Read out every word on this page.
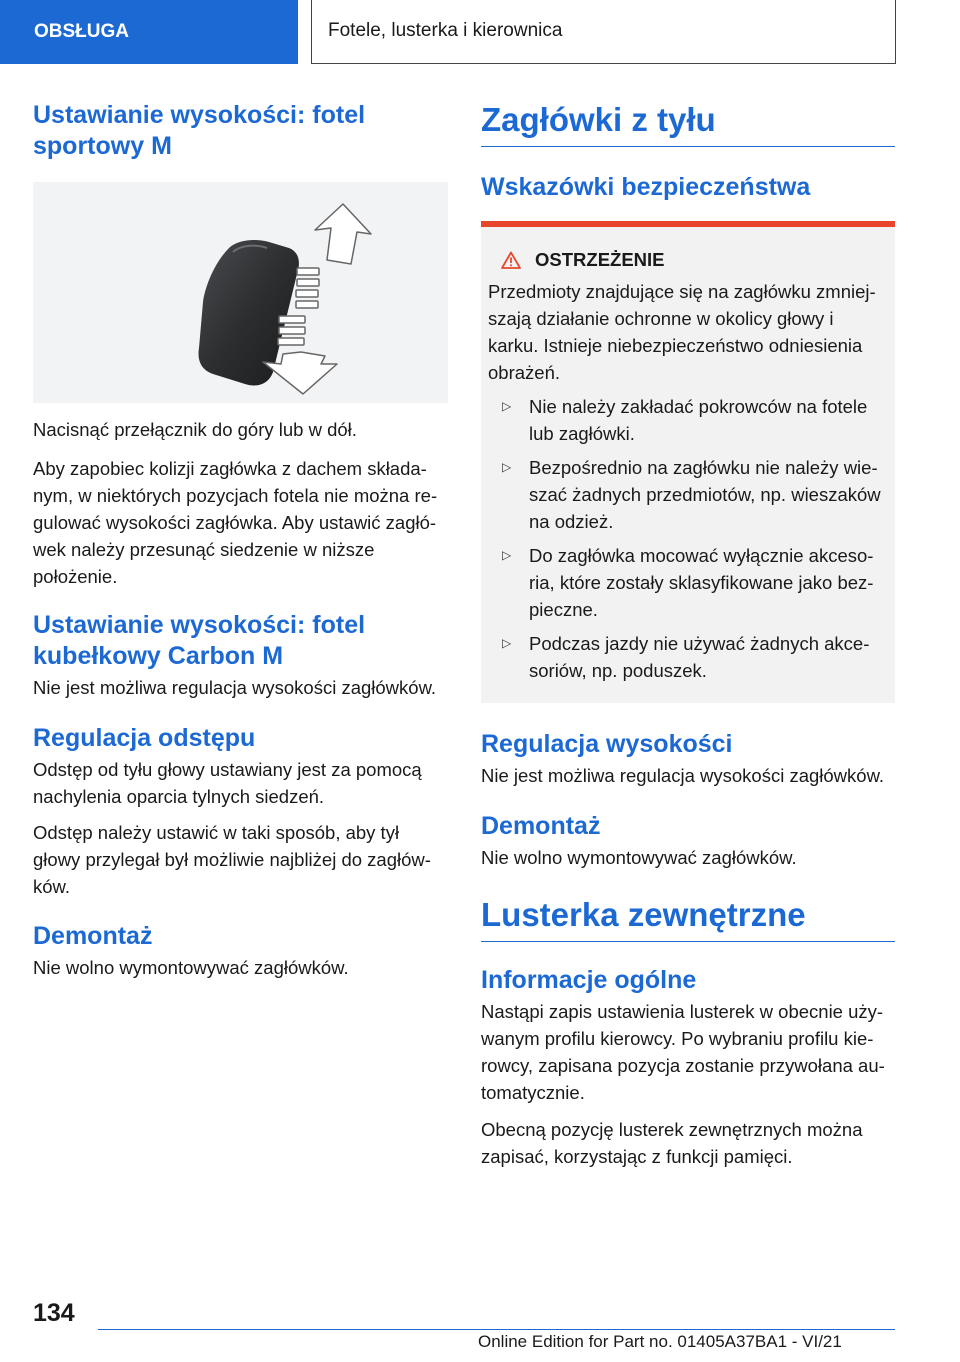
OBSŁUGA	Fotele, lusterka i kierownica
Ustawianie wysokości: fotel sportowy M

Nacisnąć przełącznik do góry lub w dół.

Aby zapobiec kolizji zagłówka z dachem składanym, w niektórych pozycjach fotela nie można regulować wysokości zagłówka. Aby ustawić zagłówek należy przesunąć siedzenie w niższe położenie.

Ustawianie wysokości: fotel kubełkowy Carbon M

Nie jest możliwa regulacja wysokości zagłówków.

Regulacja odstępu

Odstęp od tyłu głowy ustawiany jest za pomocą nachylenia oparcia tylnych siedzeń.

Odstęp należy ustawić w taki sposób, aby tył głowy przylegał był możliwie najbliżej do zagłówków.

Demontaż

Nie wolno wymontowywać zagłówków.

Zagłówki z tyłu
Wskazówki bezpieczeństwa
OSTRZEŻENIE

Przedmioty znajdujące się na zagłówku zmniejszają działanie ochronne w okolicy głowy i karku. Istnieje niebezpieczeństwo odniesienia obrażeń.

▷ Nie należy zakładać pokrowców na fotele lub zagłówki.
▷ Bezpośrednio na zagłówku nie należy wieszać żadnych przedmiotów, np. wieszaków na odzież.
▷ Do zagłówka mocować wyłącznie akcesoria, które zostały sklasyfikowane jako bezpieczne.
▷ Podczas jazdy nie używać żadnych akcesoriów, np. poduszek.
Regulacja wysokości

Nie jest możliwa regulacja wysokości zagłówków.

Demontaż

Nie wolno wymontowywać zagłówków.

Lusterka zewnętrzne
Informacje ogólne

Nastąpi zapis ustawienia lusterek w obecnie używanym profilu kierowcy. Po wybraniu profilu kierowcy, zapisana pozycja zostanie przywołana automatycznie.

Obecną pozycję lusterek zewnętrznych można zapisać, korzystając z funkcji pamięci.

134
Online Edition for Part no. 01405A37BA1 - VI/21
